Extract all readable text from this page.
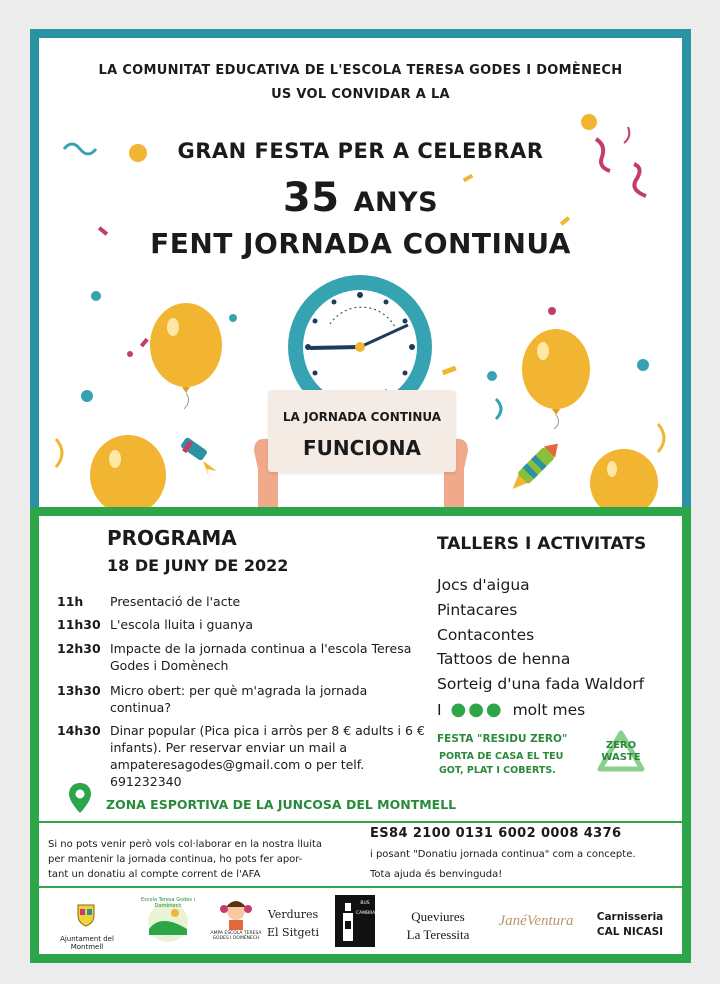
LA JORNADA CONTINUA
FUNCIONA
LA COMUNITAT EDUCATIVA DE L'ESCOLA TERESA GODES I DOMÈNECH
US VOL CONVIDAR A LA
GRAN FESTA PER A CELEBRAR
35 ANYS
FENT JORNADA CONTINUA
PROGRAMA
18 DE JUNY DE 2022
11h	Presentació de l'acte
11h30 L'escola lluita i guanya
12h30 Impacte de la jornada continua a l'escola Teresa Godes i Domènech
13h30 Micro obert: per què m'agrada la jornada continua?
14h30 Dinar popular (Pica pica i arròs per 8 € adults i 6 € infants). Per reservar enviar un mail a ampateresagodes@gmail.com o per telf. 691232340
TALLERS I ACTIVITATS
Jocs d'aigua
Pintacares
Contacontes
Tattoos de henna
Sorteig d'una fada Waldorf
I ●●● molt mes
FESTA "RESIDU ZERO"
PORTA DE CASA EL TEU
GOT, PLAT I COBERTS.
ZERO
WASTE
ZONA ESPORTIVA DE LA JUNCOSA DEL MONTMELL
Si no pots venir però vols col·laborar en la nostra lluita
per mantenir la jornada continua, ho pots fer apor-
tant un donatiu al compte corrent de l'AFA
ES84 2100 0131 6002 0008 4376
i posant "Donatiu jornada continua" com a concepte.
Tota ajuda és benvinguda!
Ajuntament del Montmell
Escola Teresa Godes i Domènech
AMPA ESCOLA TERESA GODES I DOMÈNECH
Verdures
El Sitgeti
BUS
CAMBRA	Queviures
La Teressita
JanéVentura	Carnisseria
CAL NICASI
